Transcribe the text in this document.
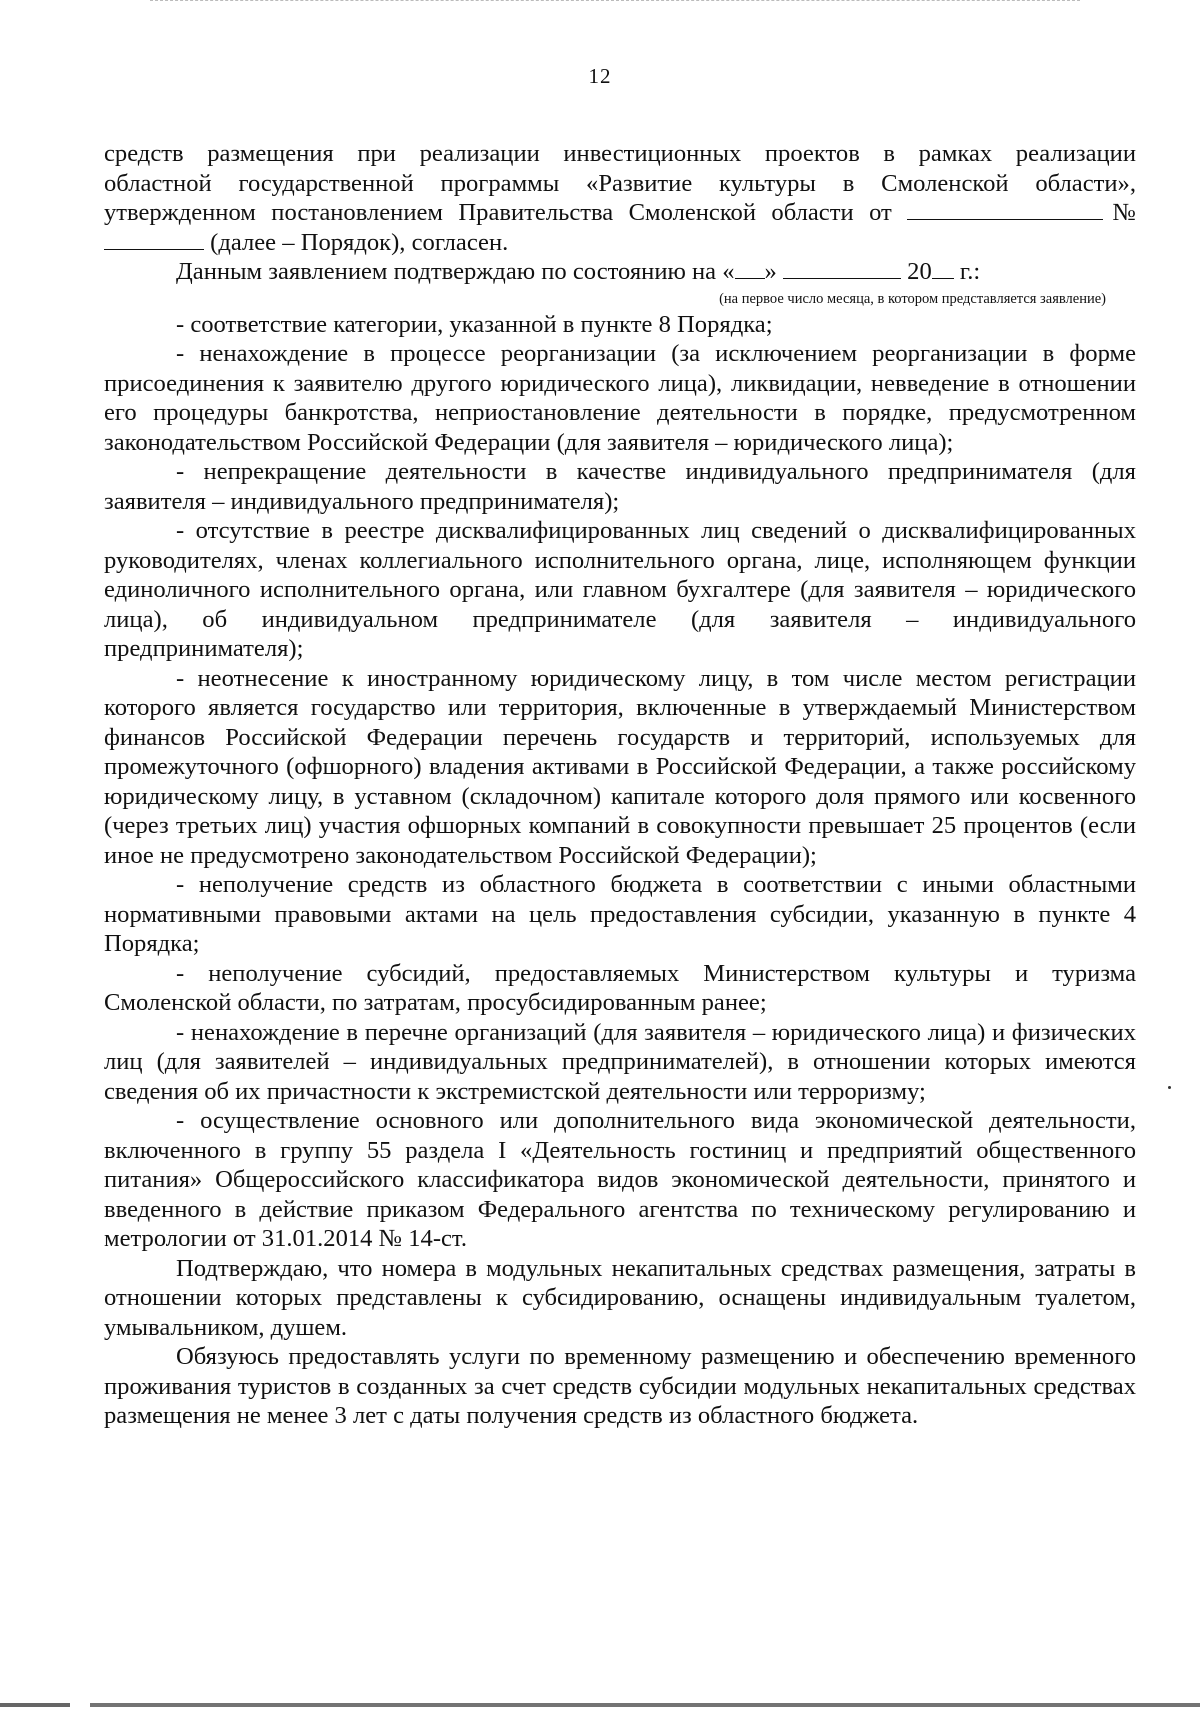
12

средств размещения при реализации инвестиционных проектов в рамках реализации
областной государственной программы «Развитие культуры в Смоленской области», утвержденном постановлением Правительства Смоленской области от	№  (далее – Порядок), согласен.

Данным заявлением подтверждаю по состоянию на « »	20 г.:

(на первое число месяца, в котором представляется заявление)

- соответствие категории, указанной в пункте 8 Порядка;

- ненахождение в процессе реорганизации (за исключением реорганизации в форме присоединения к заявителю другого юридического лица), ликвидации, невведение в отношении его процедуры банкротства, неприостановление деятельности в порядке, предусмотренном законодательством Российской Федерации (для заявителя – юридического лица);

- непрекращение деятельности в качестве индивидуального предпринимателя (для заявителя – индивидуального предпринимателя);

- отсутствие в реестре дисквалифицированных лиц сведений о дисквалифицированных руководителях, членах коллегиального исполнительного органа, лице, исполняющем функции единоличного исполнительного органа, или главном бухгалтере (для заявителя – юридического лица), об индивидуальном предпринимателе (для заявителя – индивидуального предпринимателя);

- неотнесение к иностранному юридическому лицу, в том числе местом регистрации которого является государство или территория, включенные в утверждаемый Министерством финансов Российской Федерации перечень государств и территорий, используемых для промежуточного (офшорного) владения активами в Российской Федерации, а также российскому юридическому лицу, в уставном (складочном) капитале которого доля прямого или косвенного (через третьих лиц) участия офшорных компаний в совокупности превышает 25 процентов (если иное не предусмотрено законодательством Российской Федерации);

- неполучение средств из областного бюджета в соответствии с иными областными нормативными правовыми актами на цель предоставления субсидии, указанную в пункте 4 Порядка;

- неполучение субсидий, предоставляемых Министерством культуры и туризма Смоленской области, по затратам, просубсидированным ранее;

- ненахождение в перечне организаций (для заявителя – юридического лица) и физических лиц (для заявителей – индивидуальных предпринимателей), в отношении которых имеются сведения об их причастности к экстремистской деятельности или терроризму;

- осуществление основного или дополнительного вида экономической деятельности, включенного в группу 55 раздела I «Деятельность гостиниц и предприятий общественного питания» Общероссийского классификатора видов экономической деятельности, принятого и введенного в действие приказом Федерального агентства по техническому регулированию и метрологии от 31.01.2014 № 14-ст.

Подтверждаю, что номера в модульных некапитальных средствах размещения, затраты в отношении которых представлены к субсидированию, оснащены индивидуальным туалетом, умывальником, душем.

Обязуюсь предоставлять услуги по временному размещению и обеспечению временного проживания туристов в созданных за счет средств субсидии модульных некапитальных средствах размещения не менее 3 лет с даты получения средств из областного бюджета.
